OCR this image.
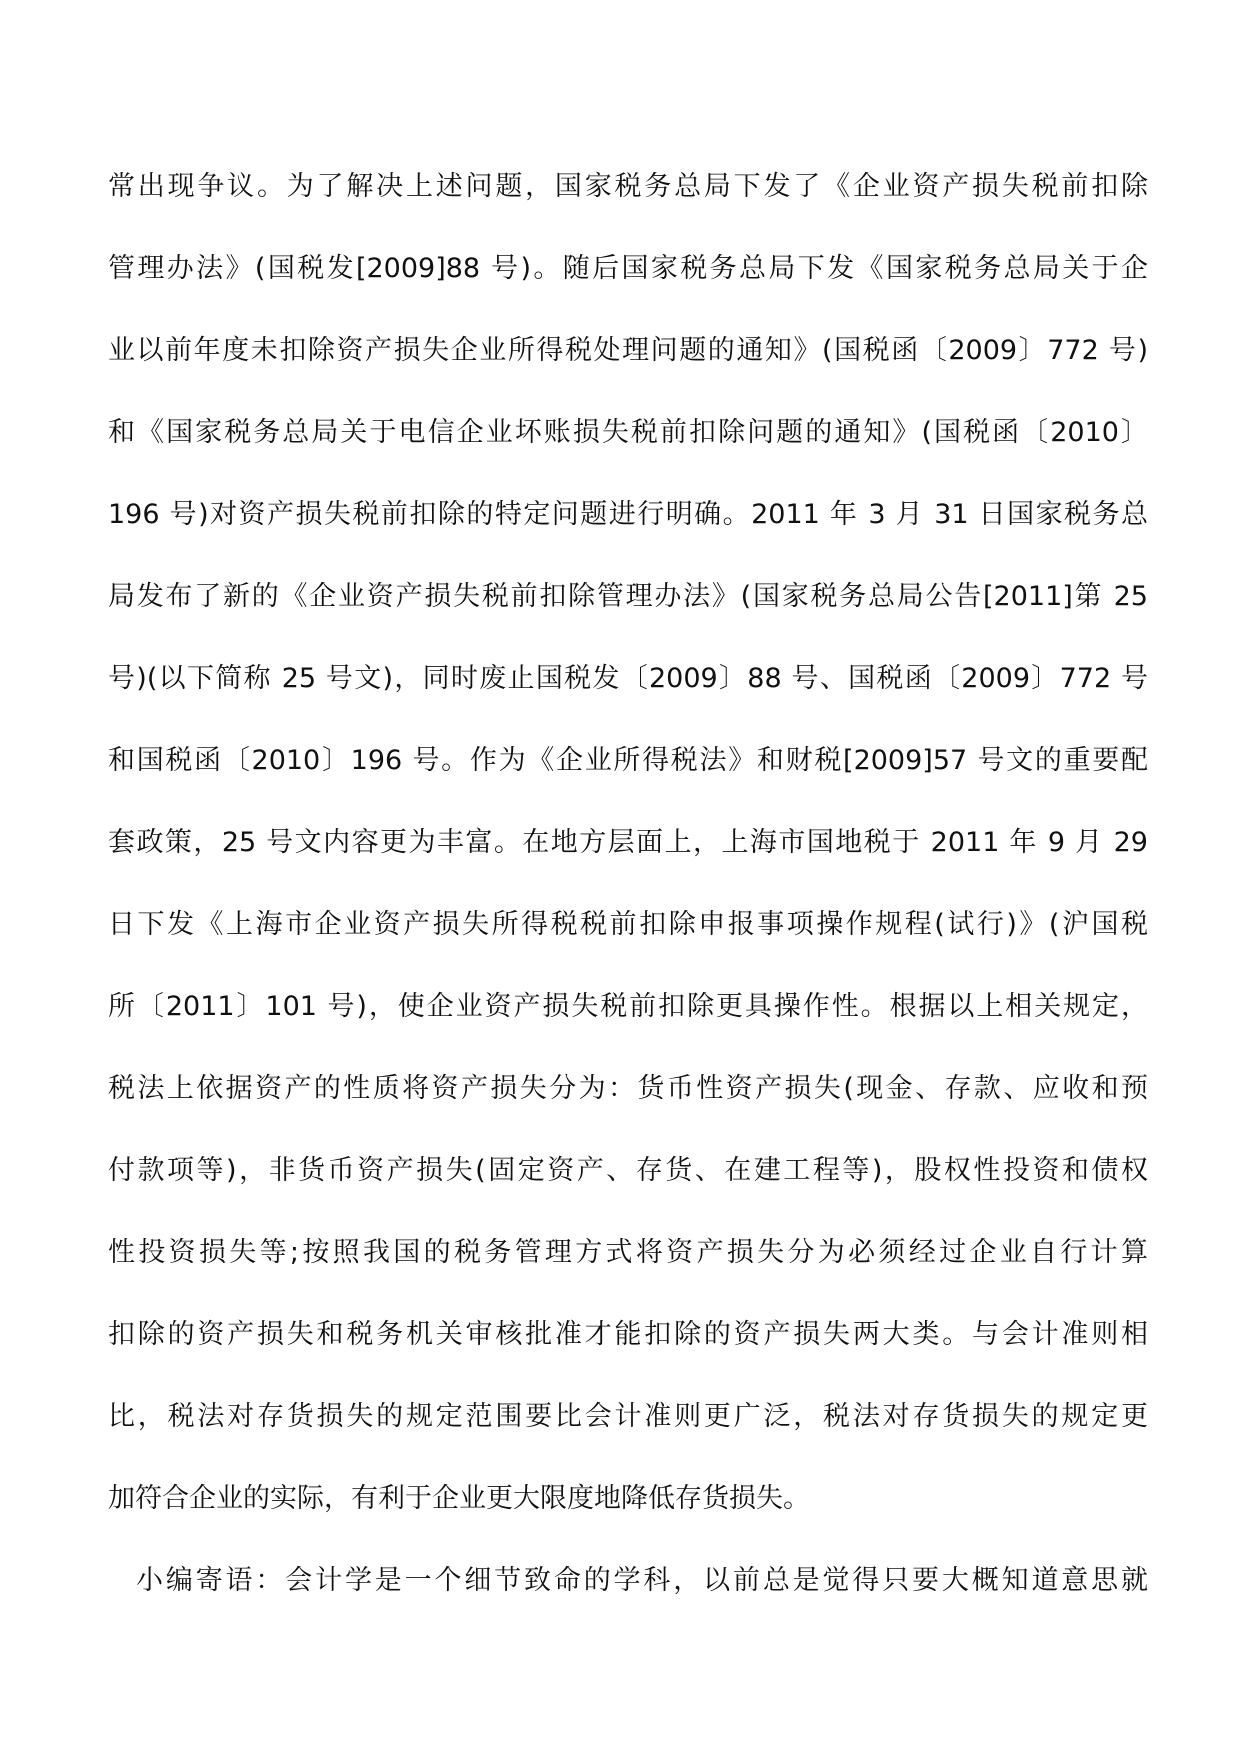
常出现争议。为了解决上述问题，国家税务总局下发了《企业资产损失税前扣除
管理办法》(国税发[2009]88 号)。随后国家税务总局下发《国家税务总局关于企
业以前年度未扣除资产损失企业所得税处理问题的通知》(国税函〔2009〕772 号)
和《国家税务总局关于电信企业坏账损失税前扣除问题的通知》(国税函〔2010〕
196 号)对资产损失税前扣除的特定问题进行明确。2011 年 3 月 31 日国家税务总
局发布了新的《企业资产损失税前扣除管理办法》(国家税务总局公告[2011]第 25
号)(以下简称 25 号文)，同时废止国税发〔2009〕88 号、国税函〔2009〕772 号
和国税函〔2010〕196 号。作为《企业所得税法》和财税[2009]57 号文的重要配
套政策，25 号文内容更为丰富。在地方层面上，上海市国地税于 2011 年 9 月 29
日下发《上海市企业资产损失所得税税前扣除申报事项操作规程(试行)》(沪国税
所〔2011〕101 号)，使企业资产损失税前扣除更具操作性。根据以上相关规定，
税法上依据资产的性质将资产损失分为：货币性资产损失(现金、存款、应收和预
付款项等)，非货币资产损失(固定资产、存货、在建工程等)，股权性投资和债权
性投资损失等;按照我国的税务管理方式将资产损失分为必须经过企业自行计算
扣除的资产损失和税务机关审核批准才能扣除的资产损失两大类。与会计准则相
比，税法对存货损失的规定范围要比会计准则更广泛，税法对存货损失的规定更
加符合企业的实际，有利于企业更大限度地降低存货损失。
小编寄语：会计学是一个细节致命的学科，以前总是觉得只要大概知道意思就
